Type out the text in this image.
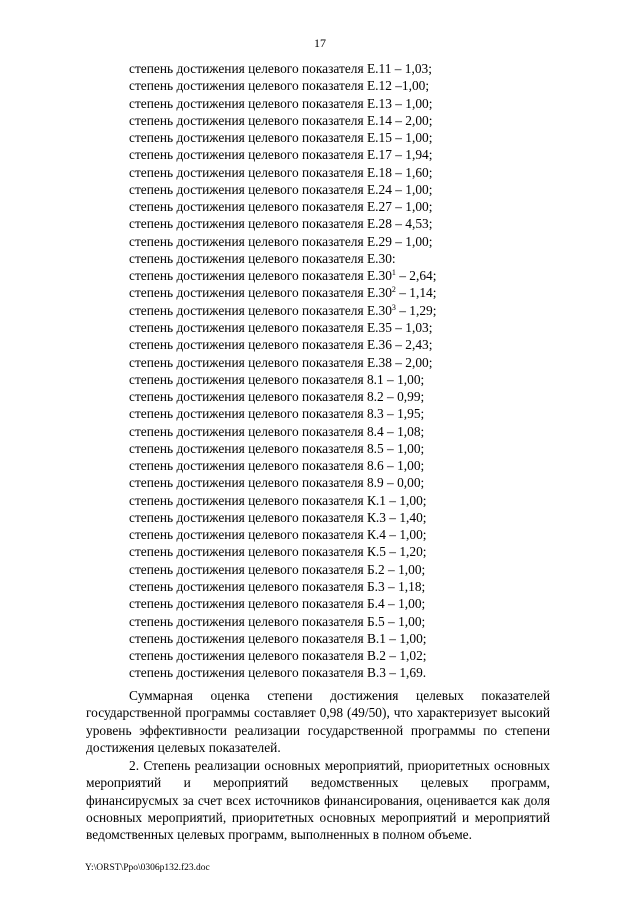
17
степень достижения целевого показателя Е.11 – 1,03;
степень достижения целевого показателя Е.12 –1,00;
степень достижения целевого показателя Е.13 – 1,00;
степень достижения целевого показателя Е.14 – 2,00;
степень достижения целевого показателя Е.15 – 1,00;
степень достижения целевого показателя Е.17 – 1,94;
степень достижения целевого показателя Е.18 – 1,60;
степень достижения целевого показателя Е.24 – 1,00;
степень достижения целевого показателя Е.27 – 1,00;
степень достижения целевого показателя Е.28 – 4,53;
степень достижения целевого показателя Е.29 – 1,00;
степень достижения целевого показателя Е.30:
степень достижения целевого показателя $Е.30^1 - 2,64$;
степень достижения целевого показателя $Е.30^2 - 1,14$;
степень достижения целевого показателя $Е.30^3 - 1,29$;
степень достижения целевого показателя Е.35 – 1,03;
степень достижения целевого показателя Е.36 – 2,43;
степень достижения целевого показателя Е.38 – 2,00;
степень достижения целевого показателя 8.1 – 1,00;
степень достижения целевого показателя 8.2 – 0,99;
степень достижения целевого показателя 8.3 – 1,95;
степень достижения целевого показателя 8.4 – 1,08;
степень достижения целевого показателя 8.5 – 1,00;
степень достижения целевого показателя 8.6 – 1,00;
степень достижения целевого показателя 8.9 – 0,00;
степень достижения целевого показателя К.1 – 1,00;
степень достижения целевого показателя К.3 – 1,40;
степень достижения целевого показателя К.4 – 1,00;
степень достижения целевого показателя К.5 – 1,20;
степень достижения целевого показателя Б.2 – 1,00;
степень достижения целевого показателя Б.3 – 1,18;
степень достижения целевого показателя Б.4 – 1,00;
степень достижения целевого показателя Б.5 – 1,00;
степень достижения целевого показателя В.1 – 1,00;
степень достижения целевого показателя В.2 – 1,02;
степень достижения целевого показателя В.3 – 1,69.

Суммарная оценка степени достижения целевых показателей государственной программы составляет 0,98 (49/50), что характеризует высокий уровень эффективности реализации государственной программы по степени достижения целевых показателей.

2. Степень реализации основных мероприятий, приоритетных основных мероприятий и мероприятий ведомственных целевых программ, финансирусмых за счет всех источников финансирования, оценивается как доля основных мероприятий, приоритетных основных мероприятий и мероприятий ведомственных целевых программ, выполненных в полном объеме.

Y:\ORST\Ppo\0306p132.f23.doc
